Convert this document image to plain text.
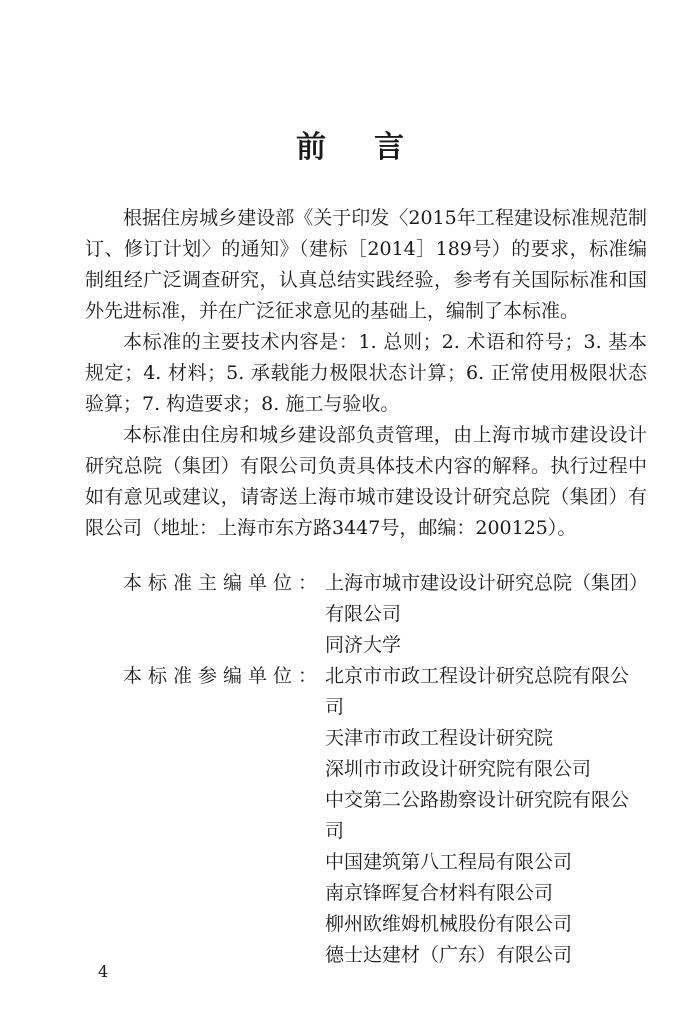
前言

根据住房城乡建设部《关于印发〈2015年工程建设标准规范制订、修订计划〉的通知》（建标［2014］189号）的要求，标准编制组经广泛调查研究，认真总结实践经验，参考有关国际标准和国外先进标准，并在广泛征求意见的基础上，编制了本标准。

本标准的主要技术内容是：1. 总则；2. 术语和符号；3. 基本规定；4. 材料；5. 承载能力极限状态计算；6. 正常使用极限状态验算；7. 构造要求；8. 施工与验收。

本标准由住房和城乡建设部负责管理，由上海市城市建设设计研究总院（集团）有限公司负责具体技术内容的解释。执行过程中如有意见或建议，请寄送上海市城市建设设计研究总院（集团）有限公司（地址：上海市东方路3447号，邮编：200125）。

本标准主编单位： 上海市城市建设设计研究总院（集团）有限公司
同济大学
本标准参编单位： 北京市市政工程设计研究总院有限公司
天津市市政工程设计研究院
深圳市市政设计研究院有限公司
中交第二公路勘察设计研究院有限公司
中国建筑第八工程局有限公司
南京锋晖复合材料有限公司
柳州欧维姆机械股份有限公司
德士达建材（广东）有限公司
4
